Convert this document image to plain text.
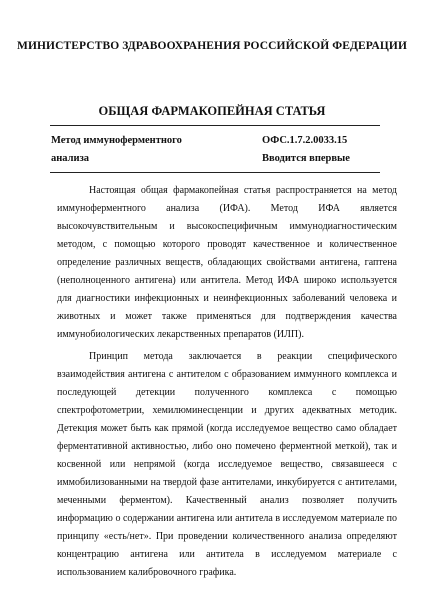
МИНИСТЕРСТВО ЗДРАВООХРАНЕНИЯ РОССИЙСКОЙ ФЕДЕРАЦИИ
ОБЩАЯ ФАРМАКОПЕЙНАЯ СТАТЬЯ
Метод иммуноферментного
анализа
ОФС.1.7.2.0033.15
Вводится впервые

Настоящая общая фармакопейная статья распространяется на метод иммуноферментного анализа (ИФА). Метод ИФА является высокочувствительным и высокоспецифичным иммунодиагностическим методом, с помощью которого проводят качественное и количественное определение различных веществ, обладающих свойствами антигена, гаптена (неполноценного антигена) или антитела. Метод ИФА широко используется для диагностики инфекционных и неинфекционных заболеваний человека и животных и может также применяться для подтверждения качества иммунобиологических лекарственных препаратов (ИЛП).

Принцип метода заключается в реакции специфического взаимодействия антигена с антителом с образованием иммунного комплекса и последующей детекции полученного комплекса с помощью спектрофотометрии, хемилюминесценции и других адекватных методик. Детекция может быть как прямой (когда исследуемое вещество само обладает ферментативной активностью, либо оно помечено ферментной меткой), так и косвенной или непрямой (когда исследуемое вещество, связавшееся с иммобилизованными на твердой фазе антителами, инкубируется с антителами, меченными ферментом). Качественный анализ позволяет получить информацию о содержании антигена или антитела в исследуемом материале по принципу «есть/нет». При проведении количественного анализа определяют концентрацию антигена или антитела в исследуемом материале с использованием калибровочного графика.
